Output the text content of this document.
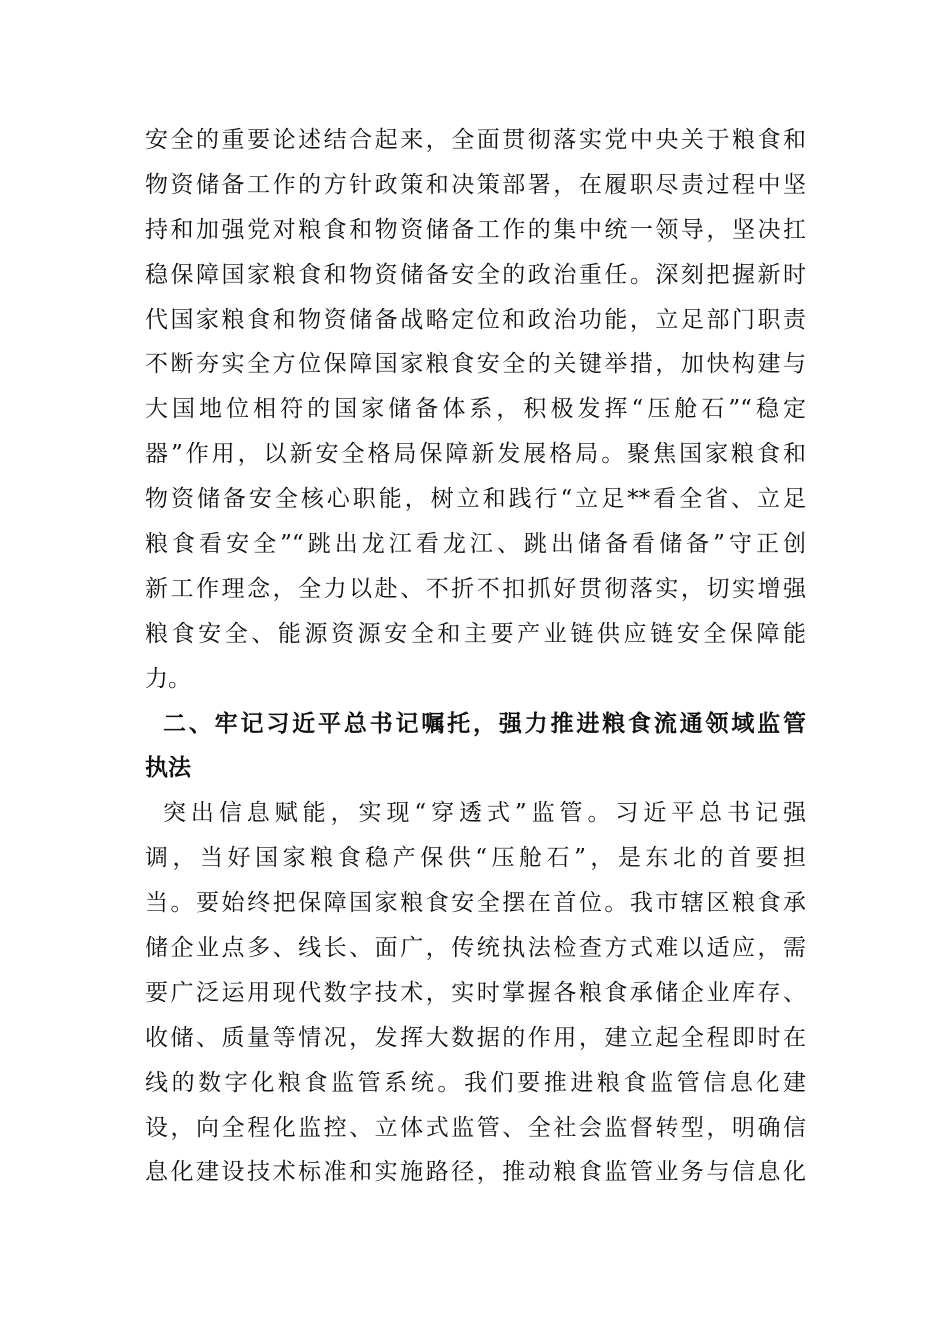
安全的重要论述结合起来，全面贯彻落实党中央关于粮食和
物资储备工作的方针政策和决策部署，在履职尽责过程中坚
持和加强党对粮食和物资储备工作的集中统一领导，坚决扛
稳保障国家粮食和物资储备安全的政治重任。深刻把握新时
代国家粮食和物资储备战略定位和政治功能，立足部门职责
不断夯实全方位保障国家粮食安全的关键举措，加快构建与
大国地位相符的国家储备体系，积极发挥“压舱石”“稳定
器”作用，以新安全格局保障新发展格局。聚焦国家粮食和
物资储备安全核心职能，树立和践行“立足**看全省、立足
粮食看安全”“跳出龙江看龙江、跳出储备看储备”守正创
新工作理念，全力以赴、不折不扣抓好贯彻落实，切实增强
粮食安全、能源资源安全和主要产业链供应链安全保障能
力。
二、牢记习近平总书记嘱托，强力推进粮食流通领域监管
执法
突出信息赋能，实现“穿透式”监管。习近平总书记强
调，当好国家粮食稳产保供“压舱石”，是东北的首要担
当。要始终把保障国家粮食安全摆在首位。我市辖区粮食承
储企业点多、线长、面广，传统执法检查方式难以适应，需
要广泛运用现代数字技术，实时掌握各粮食承储企业库存、
收储、质量等情况，发挥大数据的作用，建立起全程即时在
线的数字化粮食监管系统。我们要推进粮食监管信息化建
设，向全程化监控、立体式监管、全社会监督转型，明确信
息化建设技术标准和实施路径，推动粮食监管业务与信息化
